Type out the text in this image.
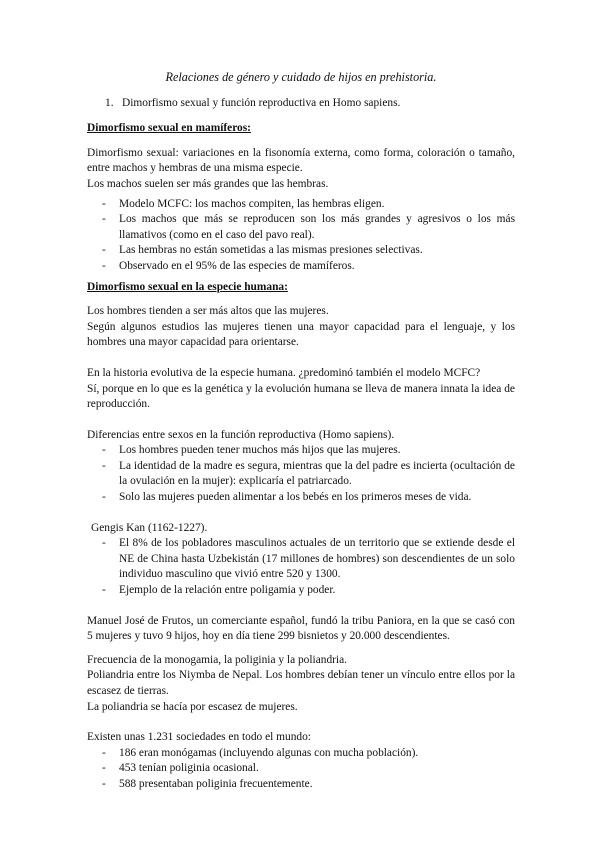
Relaciones de género y cuidado de hijos en prehistoria.
1. Dimorfismo sexual y función reproductiva en Homo sapiens.
Dimorfismo sexual en mamíferos:

Dimorfismo sexual: variaciones en la fisonomía externa, como forma, coloración o tamaño, entre machos y hembras de una misma especie.

Los machos suelen ser más grandes que las hembras.

-	Modelo MCFC: los machos compiten, las hembras eligen.
-	Los machos que más se reproducen son los más grandes y agresivos o los más llamativos (como en el caso del pavo real).
-	Las hembras no están sometidas a las mismas presiones selectivas.
-	Observado en el 95% de las especies de mamíferos.
Dimorfismo sexual en la especie humana:

Los hombres tienden a ser más altos que las mujeres.

Según algunos estudios las mujeres tienen una mayor capacidad para el lenguaje, y los hombres una mayor capacidad para orientarse.

En la historia evolutiva de la especie humana. ¿predominó también el modelo MCFC?

Sí, porque en lo que es la genética y la evolución humana se lleva de manera innata la idea de reproducción.

Diferencias entre sexos en la función reproductiva (Homo sapiens).

-	Los hombres pueden tener muchos más hijos que las mujeres.
-	La identidad de la madre es segura, mientras que la del padre es incierta (ocultación de la ovulación en la mujer): explicaría el patriarcado.
-	Solo las mujeres pueden alimentar a los bebés en los primeros meses de vida.

Gengis Kan (1162-1227).

-	El 8% de los pobladores masculinos actuales de un territorio que se extiende desde el NE de China hasta Uzbekistán (17 millones de hombres) son descendientes de un solo individuo masculino que vivió entre 520 y 1300.
-	Ejemplo de la relación entre poligamia y poder.

Manuel José de Frutos, un comerciante español, fundó la tribu Paniora, en la que se casó con 5 mujeres y tuvo 9 hijos, hoy en día tiene 299 bisnietos y 20.000 descendientes.

Frecuencia de la monogamia, la poliginia y la poliandria.

Poliandria entre los Niymba de Nepal. Los hombres debían tener un vínculo entre ellos por la escasez de tierras.

La poliandria se hacía por escasez de mujeres.

Existen unas 1.231 sociedades en todo el mundo:

-	186 eran monógamas (incluyendo algunas con mucha población).
-	453 tenían poliginia ocasional.
-	588 presentaban poliginia frecuentemente.
